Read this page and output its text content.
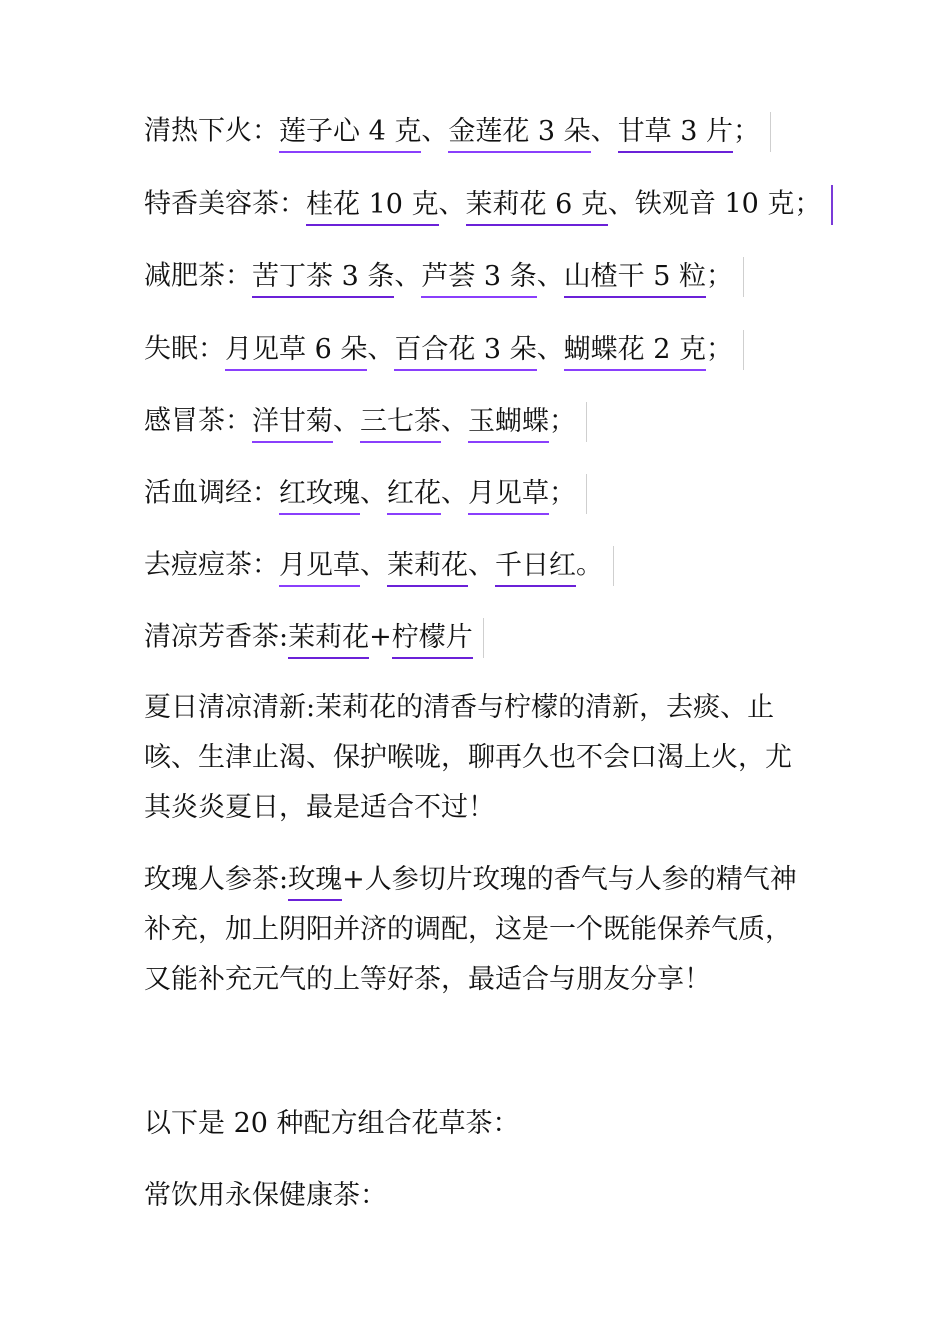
清热下火：莲子心 4 克、金莲花 3 朵、甘草 3 片；
特香美容茶：桂花 10 克、茉莉花 6 克、铁观音 10 克；
减肥茶：苦丁茶 3 条、芦荟 3 条、山楂干 5 粒；
失眠：月见草 6 朵、百合花 3 朵、蝴蝶花 2 克；
感冒茶：洋甘菊、三七茶、玉蝴蝶；
活血调经：红玫瑰、红花、月见草；
去痘痘茶：月见草、茉莉花、千日红。
清凉芳香茶:茉莉花+柠檬片
夏日清凉清新:茉莉花的清香与柠檬的清新，去痰、止咳、生津止渴、保护喉咙，聊再久也不会口渴上火，尤其炎炎夏日，最是适合不过！
玫瑰人参茶:玫瑰+人参切片玫瑰的香气与人参的精气神补充，加上阴阳并济的调配，这是一个既能保养气质，又能补充元气的上等好茶，最适合与朋友分享！
以下是 20 种配方组合花草茶：
常饮用永保健康茶：
